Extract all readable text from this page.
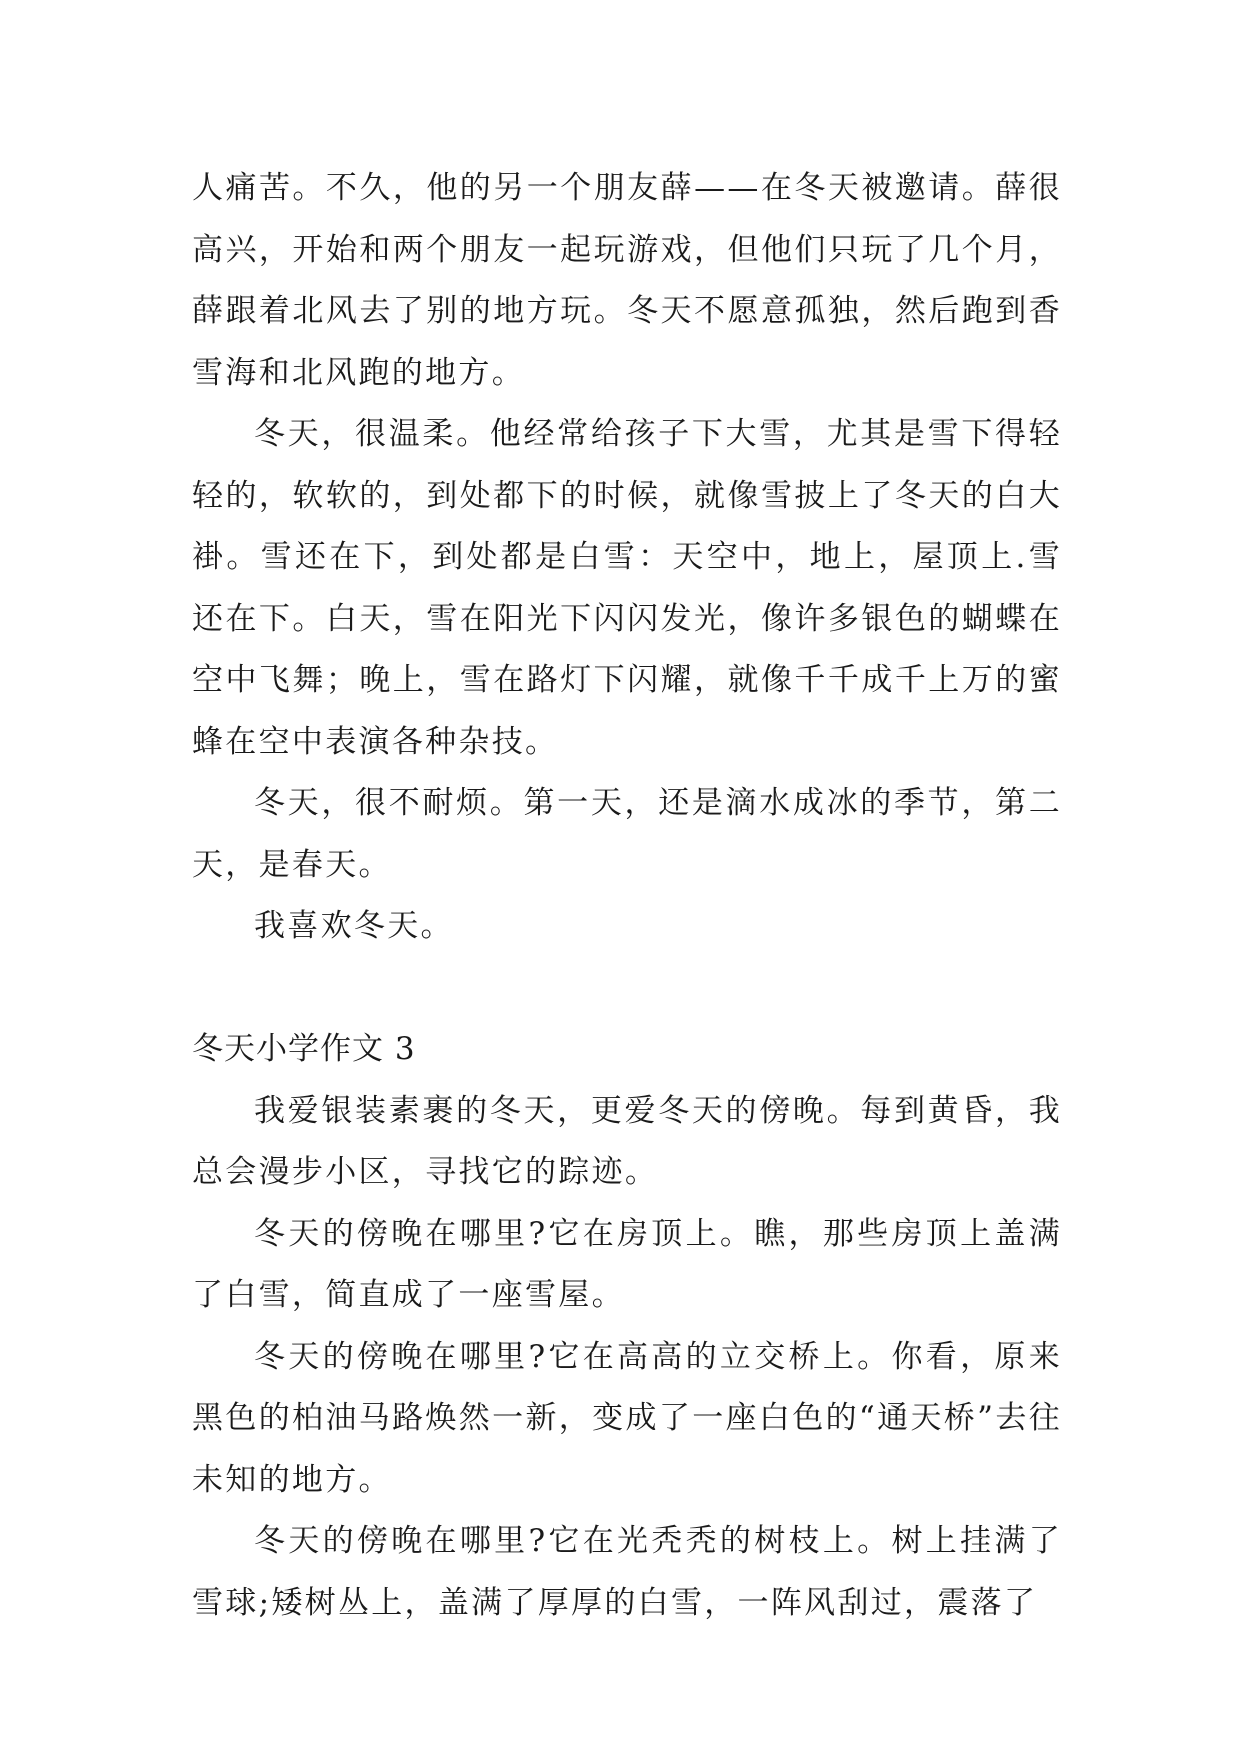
人痛苦。不久，他的另一个朋友薛——在冬天被邀请。薛很高兴，开始和两个朋友一起玩游戏，但他们只玩了几个月，薛跟着北风去了别的地方玩。冬天不愿意孤独，然后跑到香雪海和北风跑的地方。

冬天，很温柔。他经常给孩子下大雪，尤其是雪下得轻轻的，软软的，到处都下的时候，就像雪披上了冬天的白大褂。雪还在下，到处都是白雪：天空中，地上，屋顶上.雪还在下。白天，雪在阳光下闪闪发光，像许多银色的蝴蝶在空中飞舞；晚上，雪在路灯下闪耀，就像千千成千上万的蜜蜂在空中表演各种杂技。

冬天，很不耐烦。第一天，还是滴水成冰的季节，第二天，是春天。

我喜欢冬天。

冬天小学作文 3

我爱银装素裹的冬天，更爱冬天的傍晚。每到黄昏，我总会漫步小区，寻找它的踪迹。

冬天的傍晚在哪里?它在房顶上。瞧，那些房顶上盖满了白雪，简直成了一座雪屋。

冬天的傍晚在哪里?它在高高的立交桥上。你看，原来黑色的柏油马路焕然一新，变成了一座白色的“通天桥”去往未知的地方。

冬天的傍晚在哪里?它在光秃秃的树枝上。树上挂满了雪球;矮树丛上，盖满了厚厚的白雪，一阵风刮过，震落了
